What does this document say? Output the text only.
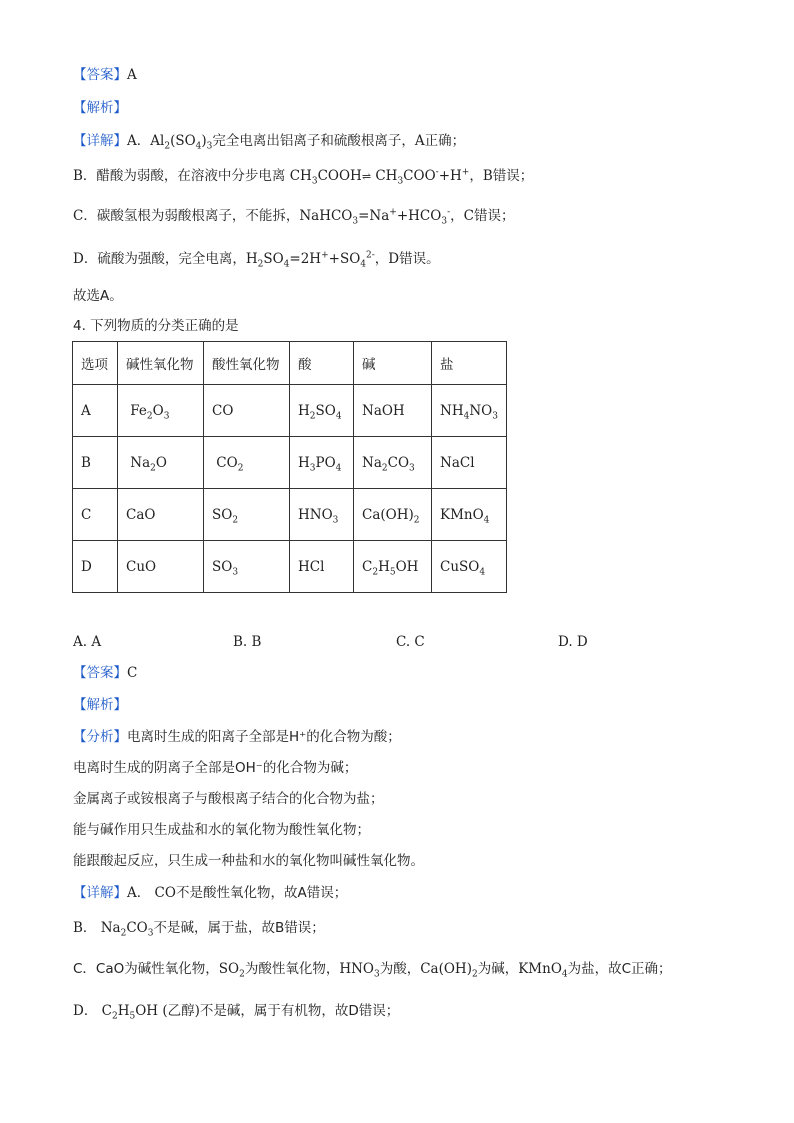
【答案】A
【解析】
【详解】A．$Al_2(SO_4)_3$完全电离出铝离子和硫酸根离子，A正确；
B．醋酸为弱酸，在溶液中分步电离 $CH_3COOH\rightleftharpoons$ $CH_3COO^-+H^+$，B错误；
C．碳酸氢根为弱酸根离子，不能拆，$NaHCO_3=Na^++HCO_3^-$，C错误；
D．硫酸为强酸，完全电离，$H_2SO_4=2H^++SO_4^{2-}$，D错误。
故选A。
4. 下列物质的分类正确的是
选项	碱性氧化物	酸性氧化物	酸	碱	盐
A	$Fe_2O_3$	CO	$H_2SO_4$	NaOH	$NH_4NO_3$
B	$Na_2O$	$CO_2$	$H_3PO_4$	$Na_2CO_3$	NaCl
C	CaO	$SO_2$	$HNO_3$	$Ca(OH)_2$	KMnO$_4$
D	CuO	$SO_3$	HCl	$C_2H_5OH$	CuSO$_4$
A. A	B. B	C. C	D. D
【答案】C
【解析】
【分析】电离时生成的阳离子全部是H⁺的化合物为酸；
电离时生成的阴离子全部是OH⁻的化合物为碱；
金属离子或铵根离子与酸根离子结合的化合物为盐；
能与碱作用只生成盐和水的氧化物为酸性氧化物；
能跟酸起反应，只生成一种盐和水的氧化物叫碱性氧化物。
【详解】A． CO不是酸性氧化物，故A错误；
B． $Na_2CO_3$不是碱，属于盐，故B错误；
C．CaO为碱性氧化物，$SO_2$为酸性氧化物，$HNO_3$为酸，$Ca(OH)_2$为碱，KMnO$_4$为盐，故C正确；
D． $C_2H_5OH$ (乙醇)不是碱，属于有机物，故D错误；
